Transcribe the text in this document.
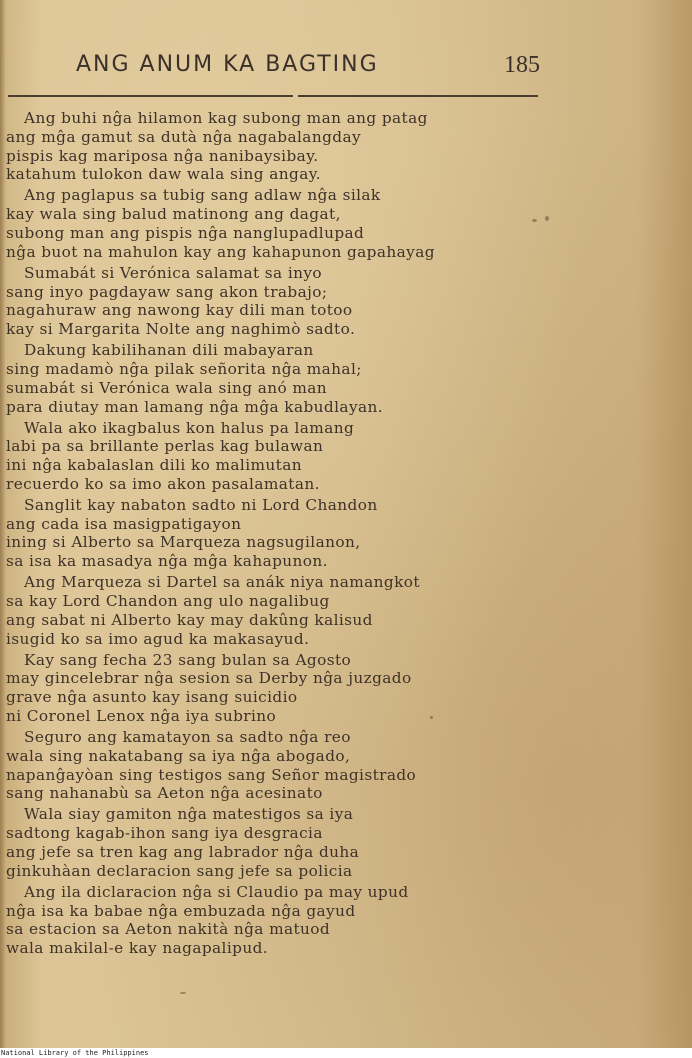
ANG ANUM KA BAGTING	185
Ang buhi nĝa hilamon kag subong man ang patag
ang mĝa gamut sa dutà nĝa nagabalangday
pispis kag mariposa nĝa nanibaysibay.
katahum tulokon daw wala sing angay.
Ang paglapus sa tubig sang adlaw nĝa silak
kay wala sing balud matinong ang dagat,
subong man ang pispis nĝa nanglupadlupad
nĝa buot na mahulon kay ang kahapunon gapahayag
Sumabát si Verónica salamat sa inyo
sang inyo pagdayaw sang akon trabajo;
nagahuraw ang nawong kay dili man totoo
kay si Margarita Nolte ang naghimò sadto.
Dakung kabilihanan dili mabayaran
sing madamò nĝa pilak señorita nĝa mahal;
sumabát si Verónica wala sing anó man
para diutay man lamang nĝa mĝa kabudlayan.
Wala ako ikagbalus kon halus pa lamang
labi pa sa brillante perlas kag bulawan
ini nĝa kabalaslan dili ko malimutan
recuerdo ko sa imo akon pasalamatan.
Sanglit kay nabaton sadto ni Lord Chandon
ang cada isa masigpatigayon
ining si Alberto sa Marqueza nagsugilanon,
sa isa ka masadya nĝa mĝa kahapunon.
Ang Marqueza si Dartel sa anák niya namangkot
sa kay Lord Chandon ang ulo nagalibug
ang sabat ni Alberto kay may dakûng kalisud
isugid ko sa imo agud ka makasayud.
Kay sang fecha 23 sang bulan sa Agosto
may gincelebrar nĝa sesion sa Derby nĝa juzgado
grave nĝa asunto kay isang suicidio
ni Coronel Lenox nĝa iya subrino
Seguro ang kamatayon sa sadto nĝa reo
wala sing nakatabang sa iya nĝa abogado,
napanĝayòan sing testigos sang Señor magistrado
sang nahanabù sa Aeton nĝa acesinato
Wala siay gamiton nĝa matestigos sa iya
sadtong kagab-ihon sang iya desgracia
ang jefe sa tren kag ang labrador nĝa duha
ginkuhàan declaracion sang jefe sa policia
Ang ila diclaracion nĝa si Claudio pa may upud
nĝa isa ka babae nĝa embuzada nĝa gayud
sa estacion sa Aeton nakità nĝa matuod
wala makilal-e kay nagapalipud.
National Library of the Philippines
